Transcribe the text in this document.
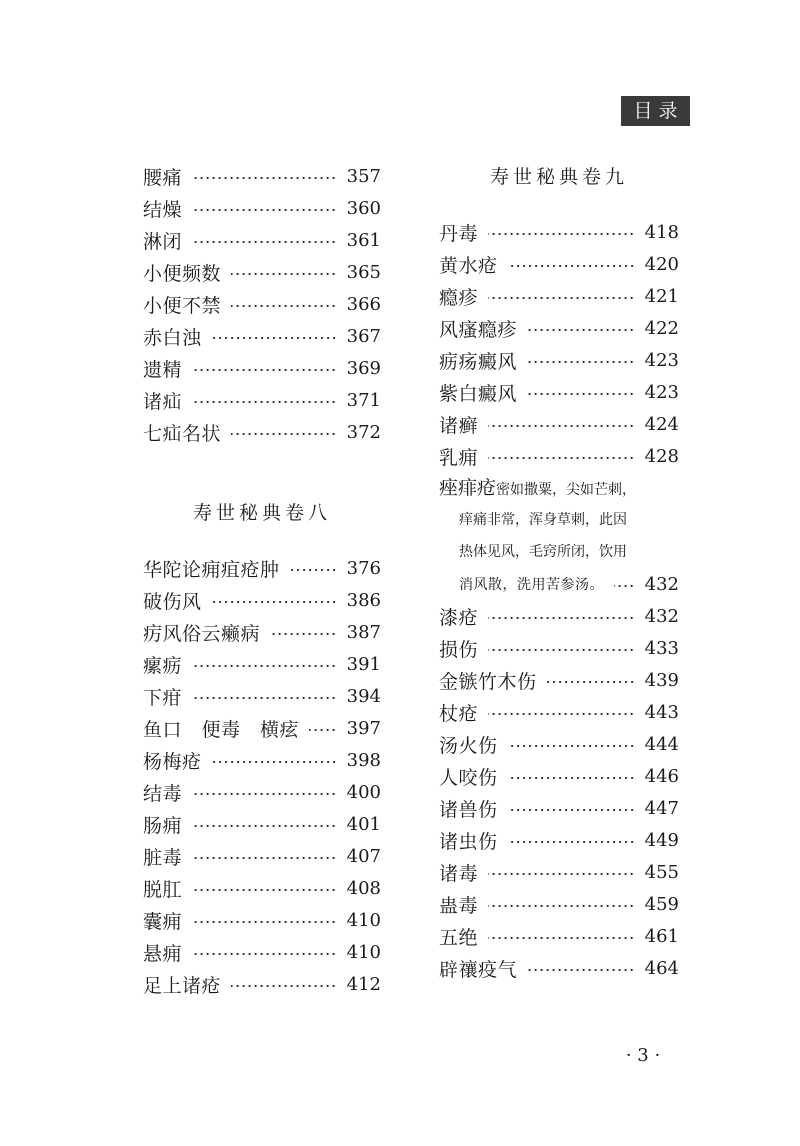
目录
腰痛	357
结燥	360
淋闭	361
小便频数	365
小便不禁	366
赤白浊	367
遗精	369
诸疝	371
七疝名状	372
寿世秘典卷八
华陀论痈疽疮肿	376
破伤风	386
疠风 俗云癞病	387
瘰疬	391
下疳	394
鱼口　便毒　横痃	397
杨梅疮	398
结毒	400
肠痈	401
脏毒	407
脱肛	408
囊痈	410
悬痈	410
足上诸疮	412
寿世秘典卷九
丹毒	418
黄水疮	420
瘾疹	421
风瘙瘾疹	422
疬疡癜风	423
紫白癜风	423
诸癣	424
乳痈	428
痤痱疮密如撒粟，尖如芒刺，
痒痛非常，浑身草刺，此因
热体见风，毛窍所闭，饮用
消风散，洗用苦参汤。 432
漆疮	432
损伤	433
金镞竹木伤	439
杖疮	443
汤火伤	444
人咬伤	446
诸兽伤	447
诸虫伤	449
诸毒	455
蛊毒	459
五绝	461
辟禳疫气	464
· 3 ·
